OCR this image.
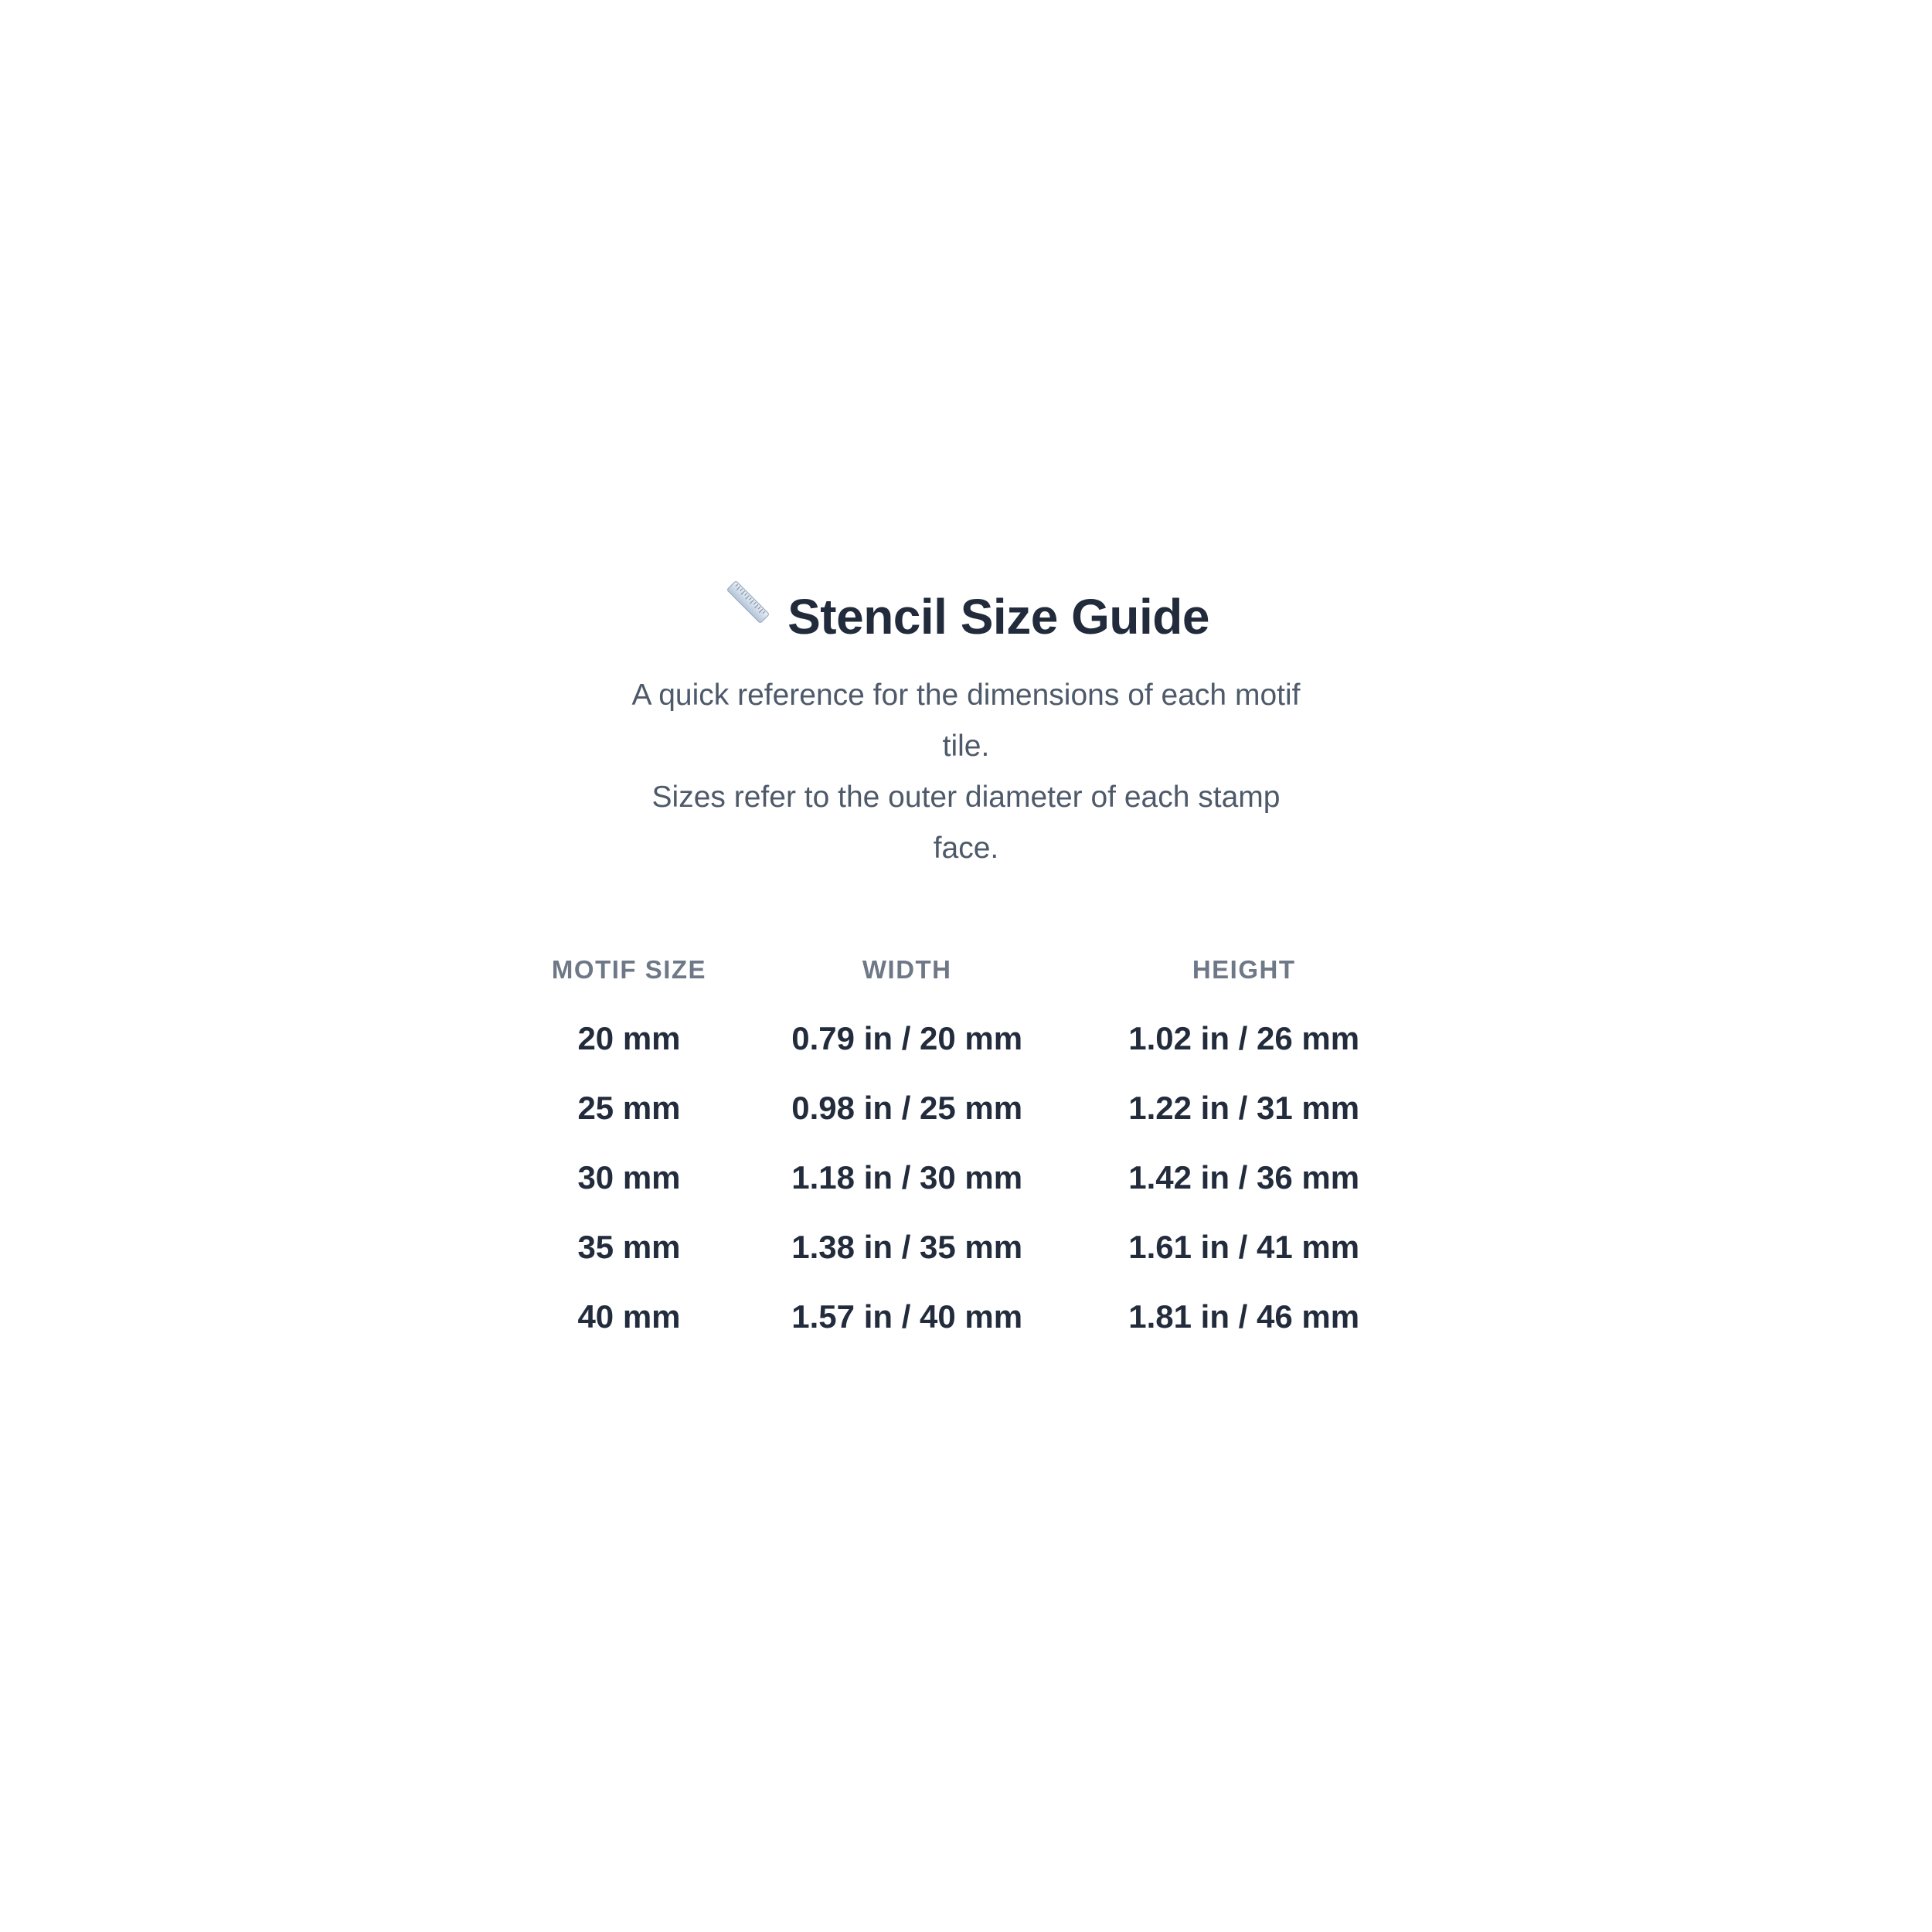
Stencil Size Guide
A quick reference for the dimensions of each motif
tile.
Sizes refer to the outer diameter of each stamp
face.
MOTIF SIZE	WIDTH	HEIGHT
20 mm	0.79 in / 20 mm	1.02 in / 26 mm
25 mm	0.98 in / 25 mm	1.22 in / 31 mm
30 mm	1.18 in / 30 mm	1.42 in / 36 mm
35 mm	1.38 in / 35 mm	1.61 in / 41 mm
40 mm	1.57 in / 40 mm	1.81 in / 46 mm
